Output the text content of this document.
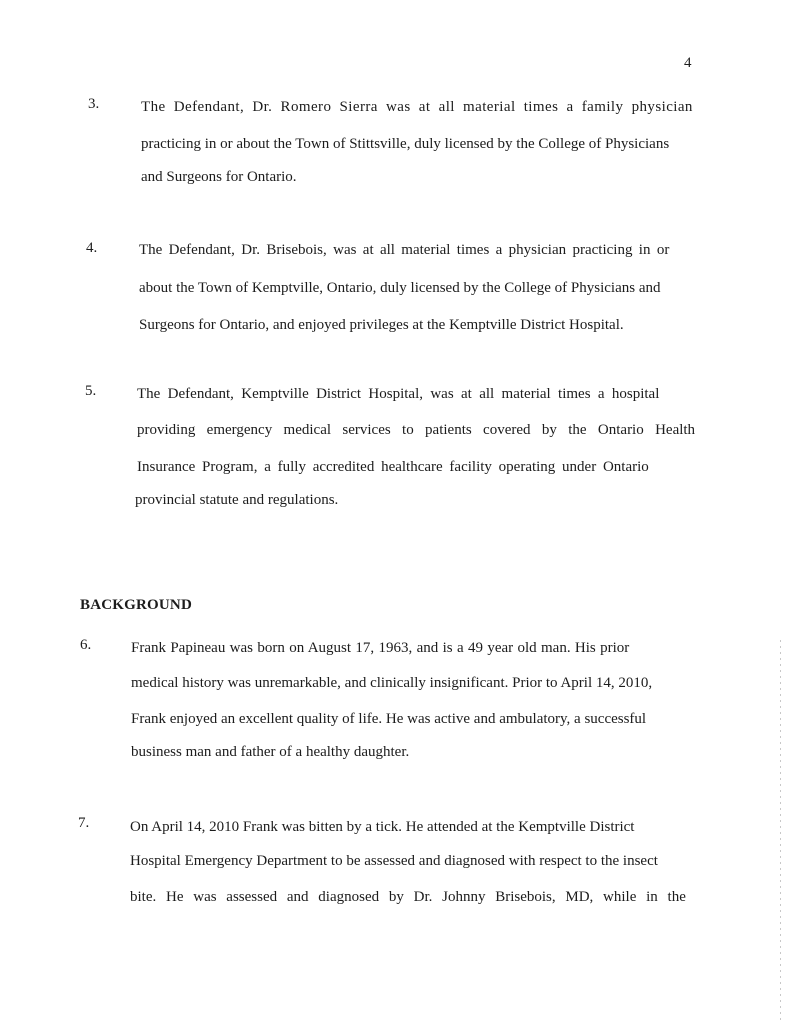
4
3.	The Defendant, Dr. Romero Sierra was at all material times a family physician
practicing in or about the Town of Stittsville, duly licensed by the College of Physicians
and Surgeons for Ontario.
4.	The Defendant, Dr. Brisebois, was at all material times a physician practicing in or
about the Town of Kemptville, Ontario, duly licensed by the College of Physicians and
Surgeons for Ontario, and enjoyed privileges at the Kemptville District Hospital.
5.	The Defendant, Kemptville District Hospital, was at all material times a hospital
providing emergency medical services to patients covered by the Ontario Health
Insurance Program, a fully accredited healthcare facility operating under Ontario
provincial statute and regulations.
BACKGROUND
6.	Frank Papineau was born on August 17, 1963, and is a 49 year old man. His prior
medical history was unremarkable, and clinically insignificant. Prior to April 14, 2010,
Frank enjoyed an excellent quality of life. He was active and ambulatory, a successful
business man and father of a healthy daughter.
7.	On April 14, 2010 Frank was bitten by a tick. He attended at the Kemptville District
Hospital Emergency Department to be assessed and diagnosed with respect to the insect
bite. He was assessed and diagnosed by Dr. Johnny Brisebois, MD, while in the
